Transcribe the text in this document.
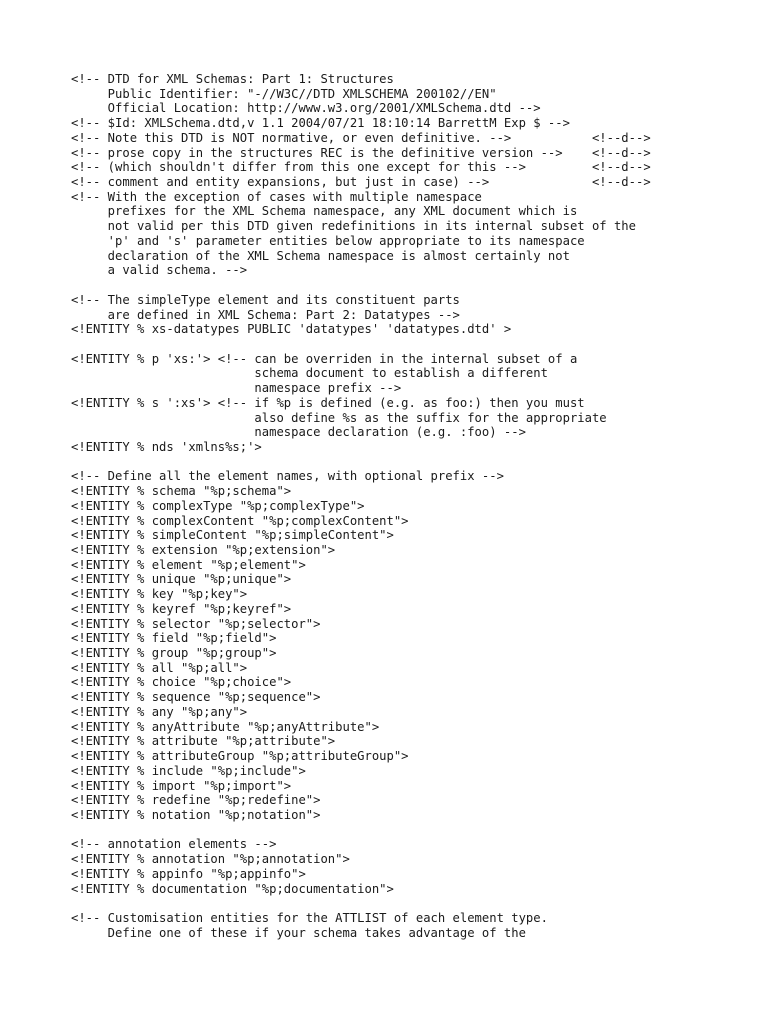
<!-- DTD for XML Schemas: Part 1: Structures
Public Identifier: "-//W3C//DTD XMLSCHEMA 200102//EN"
Official Location: http://www.w3.org/2001/XMLSchema.dtd -->
<!-- $Id: XMLSchema.dtd,v 1.1 2004/07/21 18:10:14 BarrettM Exp $ -->
<!-- Note this DTD is NOT normative, or even definitive. -->           <!--d-->
<!-- prose copy in the structures REC is the definitive version -->    <!--d-->
<!-- (which shouldn't differ from this one except for this -->         <!--d-->
<!-- comment and entity expansions, but just in case) -->              <!--d-->
<!-- With the exception of cases with multiple namespace
prefixes for the XML Schema namespace, any XML document which is
not valid per this DTD given redefinitions in its internal subset of the
'p' and 's' parameter entities below appropriate to its namespace
declaration of the XML Schema namespace is almost certainly not
a valid schema. -->

<!-- The simpleType element and its constituent parts
are defined in XML Schema: Part 2: Datatypes -->
<!ENTITY % xs-datatypes PUBLIC 'datatypes' 'datatypes.dtd' >

<!ENTITY % p 'xs:'> <!-- can be overriden in the internal subset of a
schema document to establish a different
namespace prefix -->
<!ENTITY % s ':xs'> <!-- if %p is defined (e.g. as foo:) then you must
also define %s as the suffix for the appropriate
namespace declaration (e.g. :foo) -->
<!ENTITY % nds 'xmlns%s;'>

<!-- Define all the element names, with optional prefix -->
<!ENTITY % schema "%p;schema">
<!ENTITY % complexType "%p;complexType">
<!ENTITY % complexContent "%p;complexContent">
<!ENTITY % simpleContent "%p;simpleContent">
<!ENTITY % extension "%p;extension">
<!ENTITY % element "%p;element">
<!ENTITY % unique "%p;unique">
<!ENTITY % key "%p;key">
<!ENTITY % keyref "%p;keyref">
<!ENTITY % selector "%p;selector">
<!ENTITY % field "%p;field">
<!ENTITY % group "%p;group">
<!ENTITY % all "%p;all">
<!ENTITY % choice "%p;choice">
<!ENTITY % sequence "%p;sequence">
<!ENTITY % any "%p;any">
<!ENTITY % anyAttribute "%p;anyAttribute">
<!ENTITY % attribute "%p;attribute">
<!ENTITY % attributeGroup "%p;attributeGroup">
<!ENTITY % include "%p;include">
<!ENTITY % import "%p;import">
<!ENTITY % redefine "%p;redefine">
<!ENTITY % notation "%p;notation">

<!-- annotation elements -->
<!ENTITY % annotation "%p;annotation">
<!ENTITY % appinfo "%p;appinfo">
<!ENTITY % documentation "%p;documentation">

<!-- Customisation entities for the ATTLIST of each element type.
Define one of these if your schema takes advantage of the
